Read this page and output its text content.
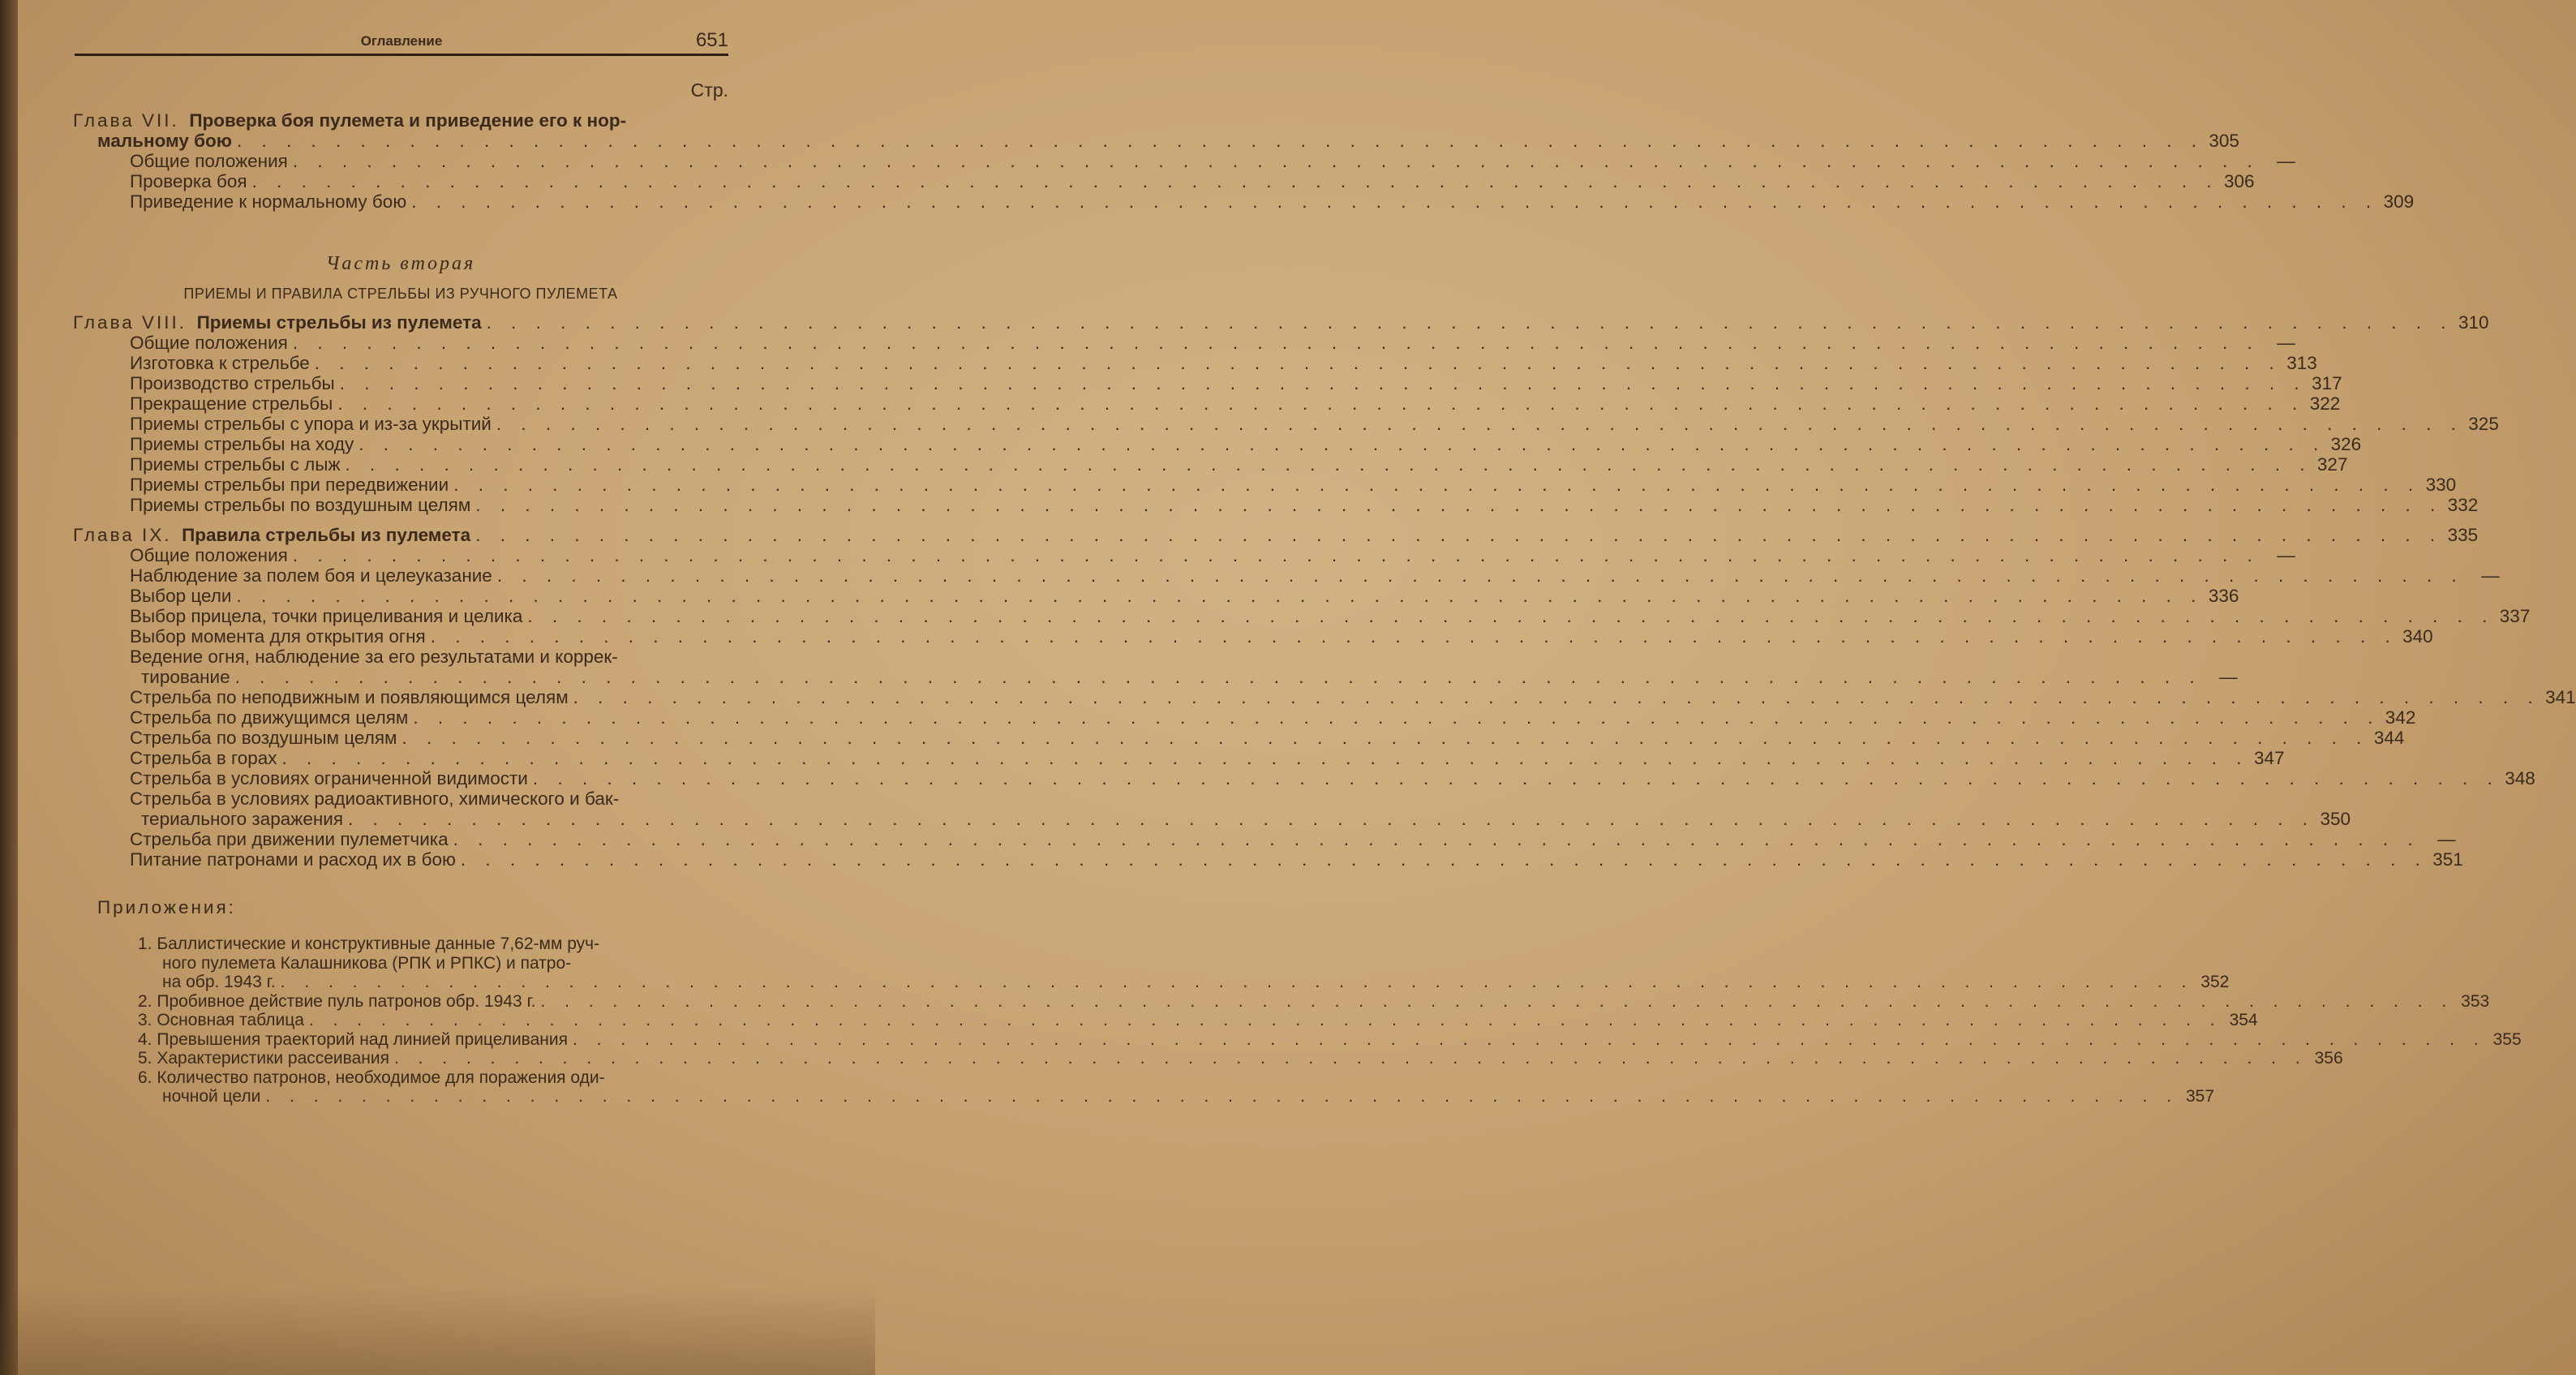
Оглавление	651
Стр.
Глава VII. Проверка боя пулемета и приведение его к нор-
мальному бою . . . . . . . . . . . . . . . . . . . . . . . . . . . . . . . . . . . . . . . . . . . . . . . . . . . . . . . . . . . . . . . . . . . . . . . . . . . . . . . . 305
Общие положения . . . . . . . . . . . . . . . . . . . . . . . . . . . . . . . . . . . . . . . . . . . . . . . . . . . . . . . . . . . . . . . . . . . . . . . . . . . . . . . . —
Проверка боя . . . . . . . . . . . . . . . . . . . . . . . . . . . . . . . . . . . . . . . . . . . . . . . . . . . . . . . . . . . . . . . . . . . . . . . . . . . . . . . . 306
Приведение к нормальному бою . . . . . . . . . . . . . . . . . . . . . . . . . . . . . . . . . . . . . . . . . . . . . . . . . . . . . . . . . . . . . . . . . . . . . . . . . . . . . . . . 309
Часть вторая
ПРИЕМЫ И ПРАВИЛА СТРЕЛЬБЫ ИЗ РУЧНОГО ПУЛЕМЕТА
Глава VIII. Приемы стрельбы из пулемета . . . . . . . . . . . . . . . . . . . . . . . . . . . . . . . . . . . . . . . . . . . . . . . . . . . . . . . . . . . . . . . . . . . . . . . . . . . . . . . . 310
Общие положения . . . . . . . . . . . . . . . . . . . . . . . . . . . . . . . . . . . . . . . . . . . . . . . . . . . . . . . . . . . . . . . . . . . . . . . . . . . . . . . . —
Изготовка к стрельбе . . . . . . . . . . . . . . . . . . . . . . . . . . . . . . . . . . . . . . . . . . . . . . . . . . . . . . . . . . . . . . . . . . . . . . . . . . . . . . . . 313
Производство стрельбы . . . . . . . . . . . . . . . . . . . . . . . . . . . . . . . . . . . . . . . . . . . . . . . . . . . . . . . . . . . . . . . . . . . . . . . . . . . . . . . . 317
Прекращение стрельбы . . . . . . . . . . . . . . . . . . . . . . . . . . . . . . . . . . . . . . . . . . . . . . . . . . . . . . . . . . . . . . . . . . . . . . . . . . . . . . . . 322
Приемы стрельбы с упора и из-за укрытий . . . . . . . . . . . . . . . . . . . . . . . . . . . . . . . . . . . . . . . . . . . . . . . . . . . . . . . . . . . . . . . . . . . . . . . . . . . . . . . . 325
Приемы стрельбы на ходу . . . . . . . . . . . . . . . . . . . . . . . . . . . . . . . . . . . . . . . . . . . . . . . . . . . . . . . . . . . . . . . . . . . . . . . . . . . . . . . . 326
Приемы стрельбы с лыж . . . . . . . . . . . . . . . . . . . . . . . . . . . . . . . . . . . . . . . . . . . . . . . . . . . . . . . . . . . . . . . . . . . . . . . . . . . . . . . . 327
Приемы стрельбы при передвижении . . . . . . . . . . . . . . . . . . . . . . . . . . . . . . . . . . . . . . . . . . . . . . . . . . . . . . . . . . . . . . . . . . . . . . . . . . . . . . . . 330
Приемы стрельбы по воздушным целям . . . . . . . . . . . . . . . . . . . . . . . . . . . . . . . . . . . . . . . . . . . . . . . . . . . . . . . . . . . . . . . . . . . . . . . . . . . . . . . . 332
Глава IX. Правила стрельбы из пулемета . . . . . . . . . . . . . . . . . . . . . . . . . . . . . . . . . . . . . . . . . . . . . . . . . . . . . . . . . . . . . . . . . . . . . . . . . . . . . . . . 335
Общие положения . . . . . . . . . . . . . . . . . . . . . . . . . . . . . . . . . . . . . . . . . . . . . . . . . . . . . . . . . . . . . . . . . . . . . . . . . . . . . . . . —
Наблюдение за полем боя и целеуказание . . . . . . . . . . . . . . . . . . . . . . . . . . . . . . . . . . . . . . . . . . . . . . . . . . . . . . . . . . . . . . . . . . . . . . . . . . . . . . . . —
Выбор цели . . . . . . . . . . . . . . . . . . . . . . . . . . . . . . . . . . . . . . . . . . . . . . . . . . . . . . . . . . . . . . . . . . . . . . . . . . . . . . . . 336
Выбор прицела, точки прицеливания и целика . . . . . . . . . . . . . . . . . . . . . . . . . . . . . . . . . . . . . . . . . . . . . . . . . . . . . . . . . . . . . . . . . . . . . . . . . . . . . . . . 337
Выбор момента для открытия огня . . . . . . . . . . . . . . . . . . . . . . . . . . . . . . . . . . . . . . . . . . . . . . . . . . . . . . . . . . . . . . . . . . . . . . . . . . . . . . . . 340
Ведение огня, наблюдение за его результатами и коррек-
тирование . . . . . . . . . . . . . . . . . . . . . . . . . . . . . . . . . . . . . . . . . . . . . . . . . . . . . . . . . . . . . . . . . . . . . . . . . . . . . . . . —
Стрельба по неподвижным и появляющимся целям . . . . . . . . . . . . . . . . . . . . . . . . . . . . . . . . . . . . . . . . . . . . . . . . . . . . . . . . . . . . . . . . . . . . . . . . . . . . . . . . 341
Стрельба по движущимся целям . . . . . . . . . . . . . . . . . . . . . . . . . . . . . . . . . . . . . . . . . . . . . . . . . . . . . . . . . . . . . . . . . . . . . . . . . . . . . . . . 342
Стрельба по воздушным целям . . . . . . . . . . . . . . . . . . . . . . . . . . . . . . . . . . . . . . . . . . . . . . . . . . . . . . . . . . . . . . . . . . . . . . . . . . . . . . . . 344
Стрельба в горах . . . . . . . . . . . . . . . . . . . . . . . . . . . . . . . . . . . . . . . . . . . . . . . . . . . . . . . . . . . . . . . . . . . . . . . . . . . . . . . . 347
Стрельба в условиях ограниченной видимости . . . . . . . . . . . . . . . . . . . . . . . . . . . . . . . . . . . . . . . . . . . . . . . . . . . . . . . . . . . . . . . . . . . . . . . . . . . . . . . . 348
Стрельба в условиях радиоактивного, химического и бак-
териального заражения . . . . . . . . . . . . . . . . . . . . . . . . . . . . . . . . . . . . . . . . . . . . . . . . . . . . . . . . . . . . . . . . . . . . . . . . . . . . . . . . 350
Стрельба при движении пулеметчика . . . . . . . . . . . . . . . . . . . . . . . . . . . . . . . . . . . . . . . . . . . . . . . . . . . . . . . . . . . . . . . . . . . . . . . . . . . . . . . . —
Питание патронами и расход их в бою . . . . . . . . . . . . . . . . . . . . . . . . . . . . . . . . . . . . . . . . . . . . . . . . . . . . . . . . . . . . . . . . . . . . . . . . . . . . . . . . 351
Приложения:
1. Баллистические и конструктивные данные 7,62-мм руч-
ного пулемета Калашникова (РПК и РПКС) и патро-
на обр. 1943 г. . . . . . . . . . . . . . . . . . . . . . . . . . . . . . . . . . . . . . . . . . . . . . . . . . . . . . . . . . . . . . . . . . . . . . . . . . . . . . . . . 352
2. Пробивное действие пуль патронов обр. 1943 г. . . . . . . . . . . . . . . . . . . . . . . . . . . . . . . . . . . . . . . . . . . . . . . . . . . . . . . . . . . . . . . . . . . . . . . . . . . . . . . . . 353
3. Основная таблица . . . . . . . . . . . . . . . . . . . . . . . . . . . . . . . . . . . . . . . . . . . . . . . . . . . . . . . . . . . . . . . . . . . . . . . . . . . . . . . . 354
4. Превышения траекторий над линией прицеливания . . . . . . . . . . . . . . . . . . . . . . . . . . . . . . . . . . . . . . . . . . . . . . . . . . . . . . . . . . . . . . . . . . . . . . . . . . . . . . . . 355
5. Характеристики рассеивания . . . . . . . . . . . . . . . . . . . . . . . . . . . . . . . . . . . . . . . . . . . . . . . . . . . . . . . . . . . . . . . . . . . . . . . . . . . . . . . . 356
6. Количество патронов, необходимое для поражения оди-
ночной цели . . . . . . . . . . . . . . . . . . . . . . . . . . . . . . . . . . . . . . . . . . . . . . . . . . . . . . . . . . . . . . . . . . . . . . . . . . . . . . . . 357
